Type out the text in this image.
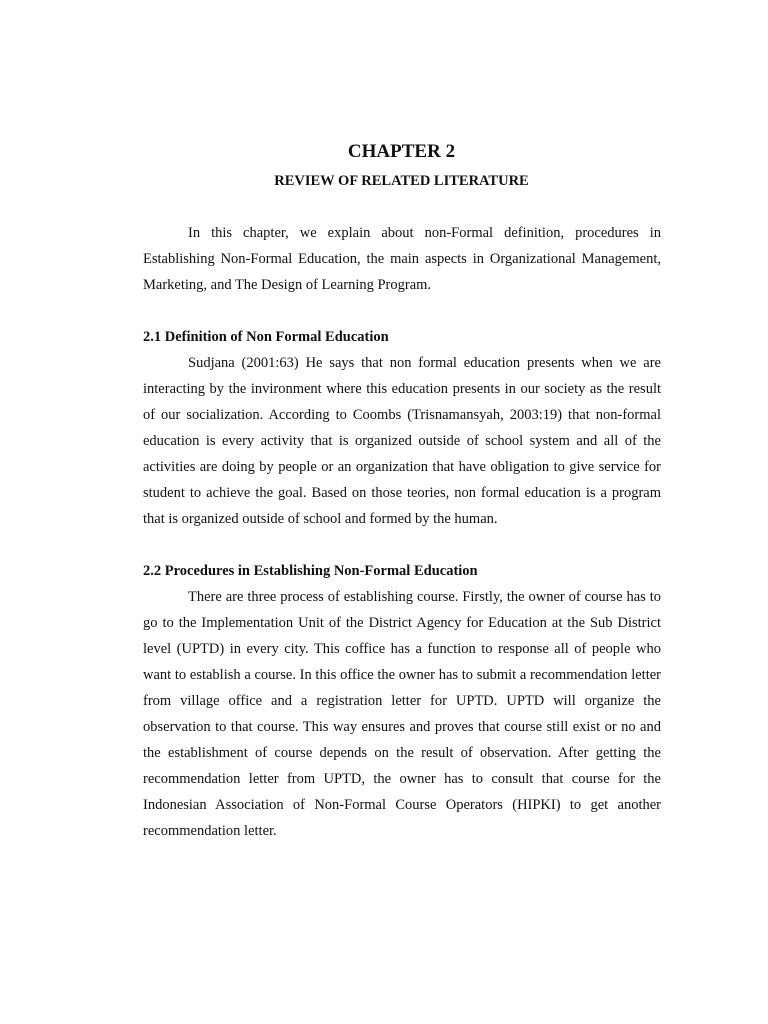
CHAPTER 2
REVIEW OF RELATED LITERATURE

In this chapter, we explain about non-Formal definition, procedures in Establishing Non-Formal Education, the main aspects in Organizational Management, Marketing, and The Design of Learning Program.

2.1 Definition of Non Formal Education

Sudjana (2001:63) He says that non formal education presents when we are interacting by the invironment where this education presents in our society as the result of our socialization. According to Coombs (Trisnamansyah, 2003:19) that non-formal education is every activity that is organized outside of school system and all of the activities are doing by people or an organization that have obligation to give service for student to achieve the goal. Based on those teories, non formal education is a program that is organized outside of school and formed by the human.

2.2 Procedures in Establishing Non-Formal Education

There are three process of establishing course. Firstly, the owner of course has to go to the Implementation Unit of the District Agency for Education at the Sub District level (UPTD) in every city. This coffice has a function to response all of people who want to establish a course. In this office the owner has to submit a recommendation letter from village office and a registration letter for UPTD. UPTD will organize the observation to that course. This way ensures and proves that course still exist or no and the establishment of course depends on the result of observation. After getting the recommendation letter from UPTD, the owner has to consult that course for the Indonesian Association of Non-Formal Course Operators (HIPKI) to get another recommendation letter.
